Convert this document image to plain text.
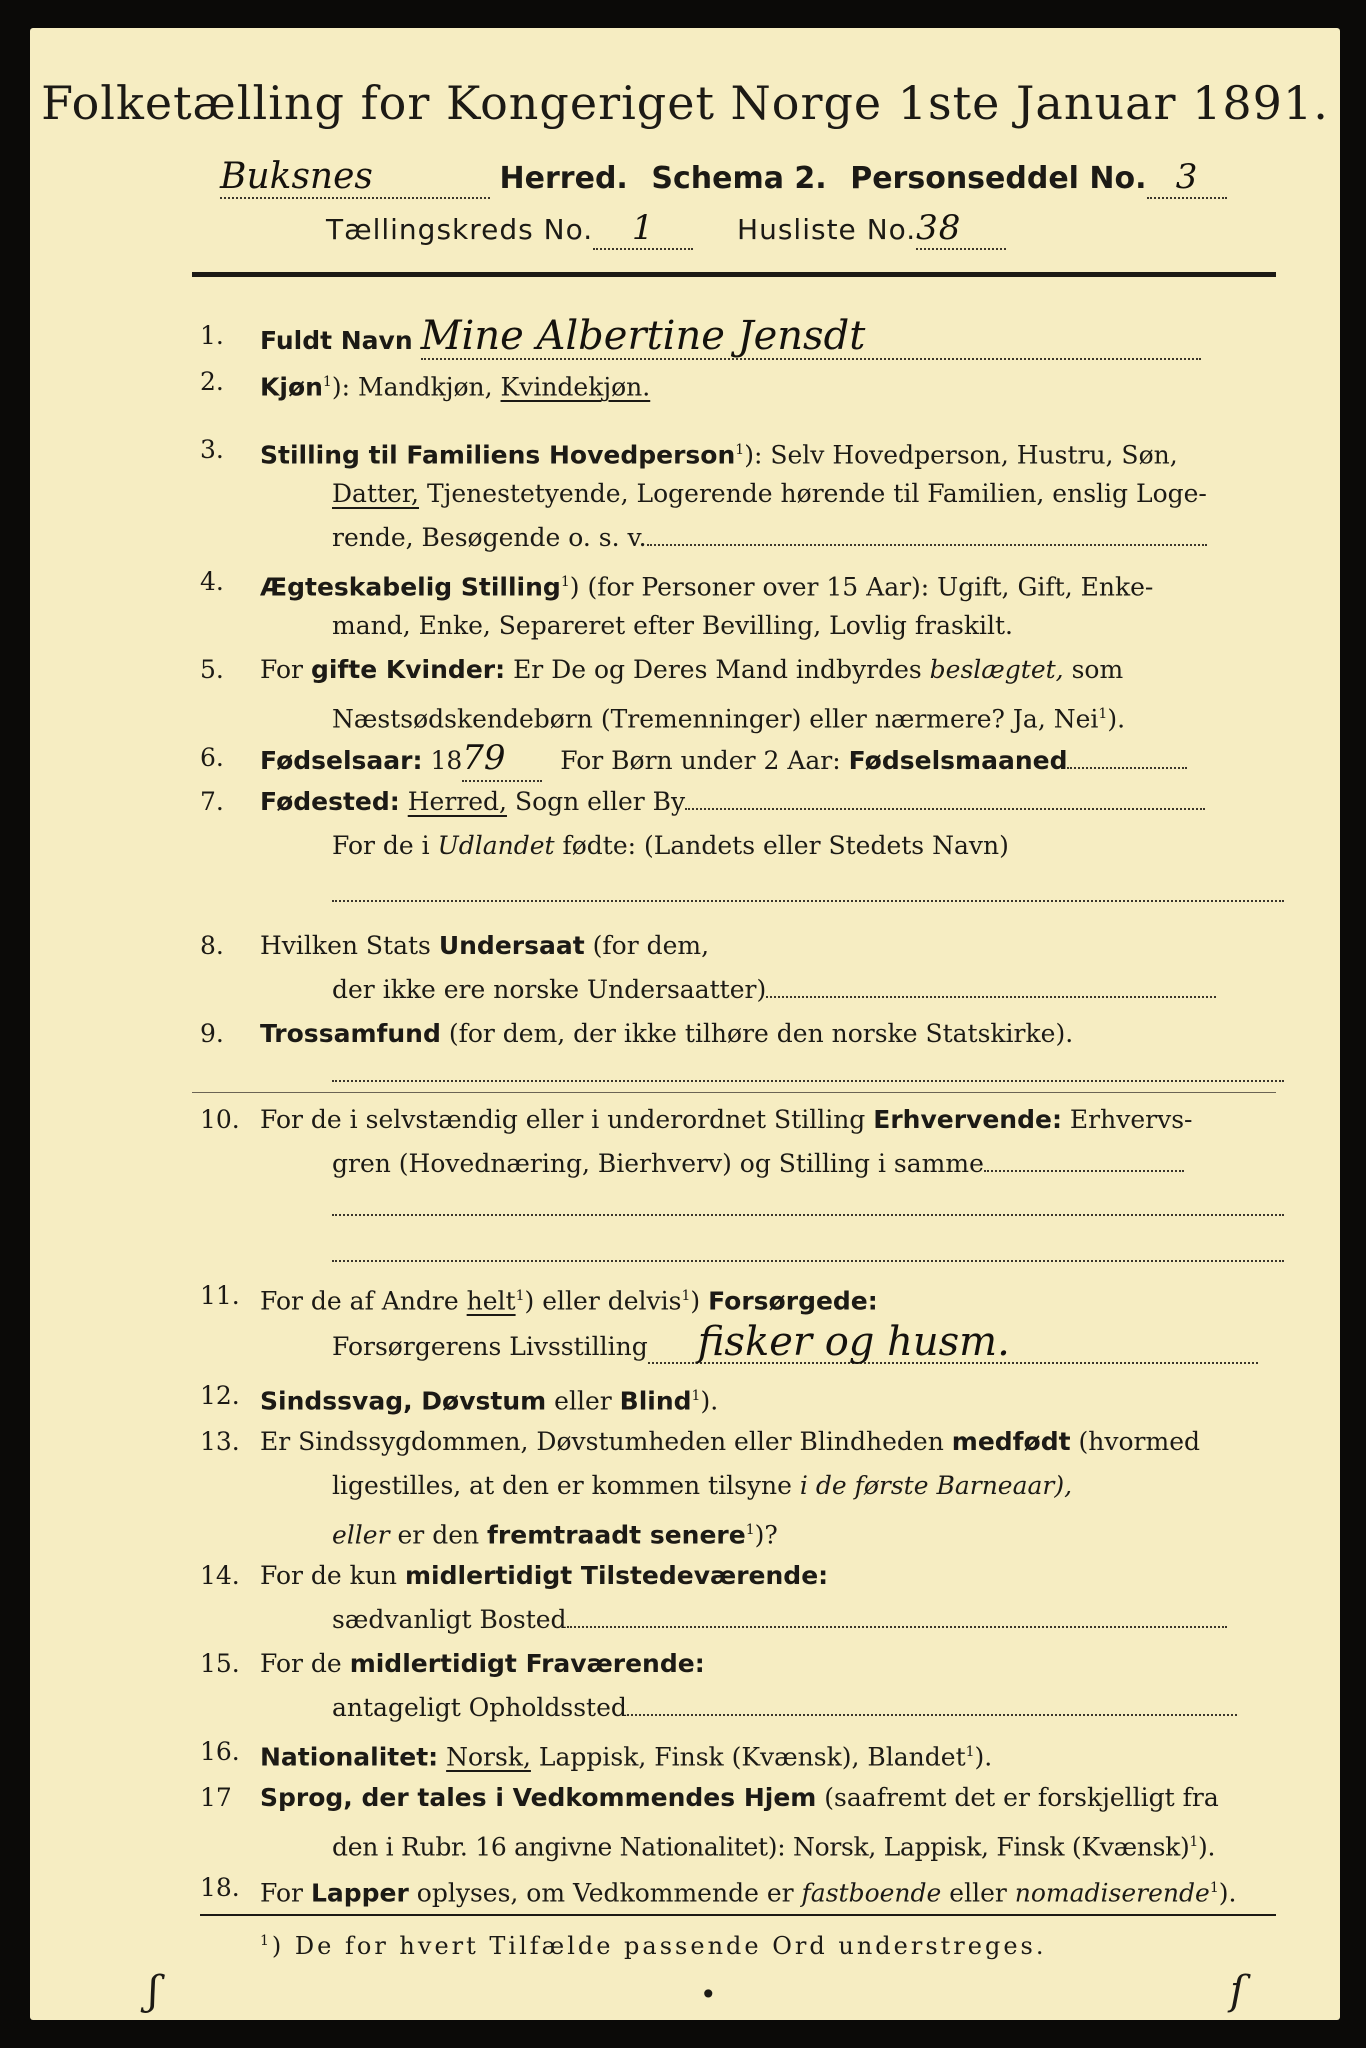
Folketælling for Kongeriget Norge 1ste Januar 1891.
Buksnes	Herred. Schema 2. Personseddel No. 3
Tællingskreds No. 1	Husliste No.38
1.	Fuldt Navn Mine Albertine Jensdt
2.	Kjøn$^1$): Mandkjøn, Kvindekjøn.
3.	Stilling til Familiens Hovedperson$^1$): Selv Hovedperson, Hustru, Søn,
Datter, Tjenestetyende, Logerende hørende til Familien, enslig Loge-
rende, Besøgende o. s. v.
4.	Ægteskabelig Stilling$^1$) (for Personer over 15 Aar): Ugift, Gift, Enke-
mand, Enke, Separeret efter Bevilling, Lovlig fraskilt.
5.	For gifte Kvinder: Er De og Deres Mand indbyrdes beslægtet, som
Næstsødskendebørn (Tremenninger) eller nærmere? Ja, Nei$^1$).
6.	Fødselsaar: 1879 For Børn under 2 Aar: Fødselsmaaned
7.	Fødested: Herred, Sogn eller By
For de i Udlandet fødte: (Landets eller Stedets Navn)
8.	Hvilken Stats Undersaat (for dem,
der ikke ere norske Undersaatter)
9.	Trossamfund (for dem, der ikke tilhøre den norske Statskirke).
10. For de i selvstændig eller i underordnet Stilling Erhvervende: Erhvervs-
gren (Hovednæring, Bierhverv) og Stilling i samme
11. For de af Andre helt$^1$) eller delvis$^1$) Forsørgede:
Forsørgerens Livsstilling fisker og husm.
12. Sindssvag, Døvstum eller Blind$^1$).
13. Er Sindssygdommen, Døvstumheden eller Blindheden medfødt (hvormed
ligestilles, at den er kommen tilsyne i de første Barneaar),
eller er den fremtraadt senere$^1$)?
14. For de kun midlertidigt Tilstedeværende:
sædvanligt Bosted
15. For de midlertidigt Fraværende:
antageligt Opholdssted
16. Nationalitet: Norsk, Lappisk, Finsk (Kvænsk), Blandet$^1$).
17	Sprog, der tales i Vedkommendes Hjem (saafremt det er forskjelligt fra
den i Rubr. 16 angivne Nationalitet): Norsk, Lappisk, Finsk (Kvænsk)$^1$).
18. For Lapper oplyses, om Vedkommende er fastboende eller nomadiserende$^1$).
$^1$) De for hvert Tilfælde passende Ord understreges.
ʃ	•	ſ
